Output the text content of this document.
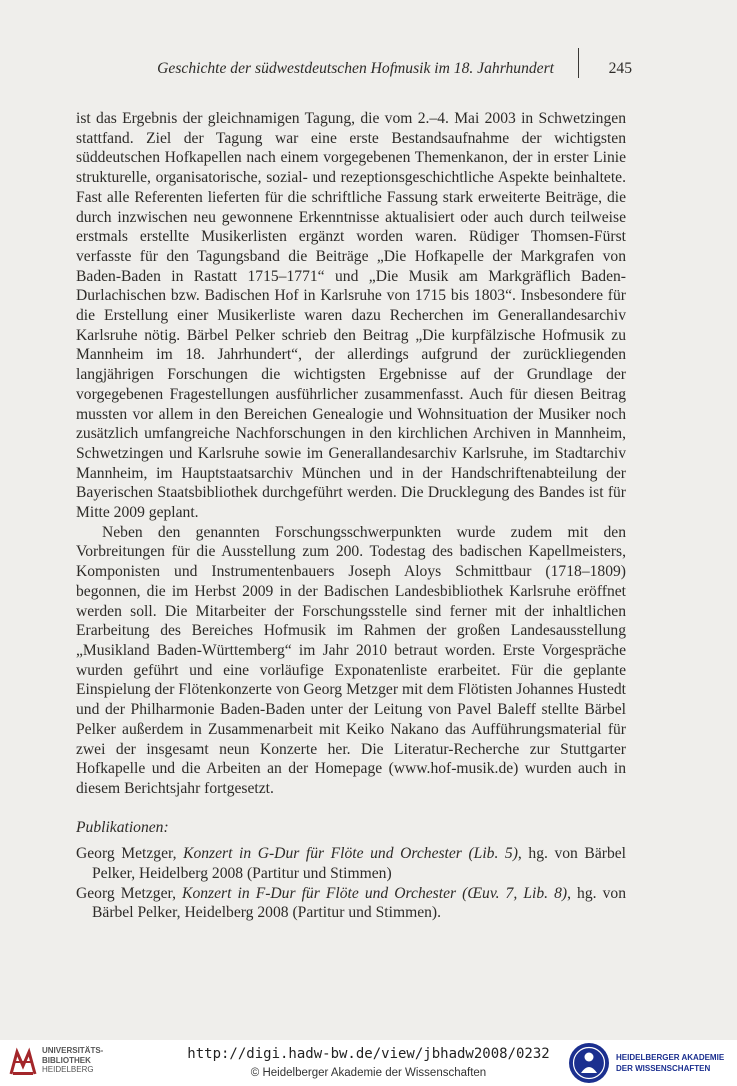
Geschichte der südwestdeutschen Hofmusik im 18. Jahrhundert	245

ist das Ergebnis der gleichnamigen Tagung, die vom 2.–4. Mai 2003 in Schwetzingen stattfand. Ziel der Tagung war eine erste Bestandsaufnahme der wichtigsten süddeutschen Hofkapellen nach einem vorgegebenen Themenkanon, der in erster Linie strukturelle, organisatorische, sozial- und rezeptionsgeschichtliche Aspekte beinhaltete. Fast alle Referenten lieferten für die schriftliche Fassung stark erweiterte Beiträge, die durch inzwischen neu gewonnene Erkenntnisse aktualisiert oder auch durch teilweise erstmals erstellte Musikerlisten ergänzt worden waren. Rüdiger Thomsen-Fürst verfasste für den Tagungsband die Beiträge „Die Hofkapelle der Markgrafen von Baden-Baden in Rastatt 1715–1771“ und „Die Musik am Markgräflich Baden-Durlachischen bzw. Badischen Hof in Karlsruhe von 1715 bis 1803“. Insbesondere für die Erstellung einer Musikerliste waren dazu Recherchen im Generallandesarchiv Karlsruhe nötig. Bärbel Pelker schrieb den Beitrag „Die kurpfälzische Hofmusik zu Mannheim im 18. Jahrhundert“, der allerdings aufgrund der zurückliegenden langjährigen Forschungen die wichtigsten Ergebnisse auf der Grundlage der vorgegebenen Fragestellungen ausführlicher zusammenfasst. Auch für diesen Beitrag mussten vor allem in den Bereichen Genealogie und Wohnsituation der Musiker noch zusätzlich umfangreiche Nachforschungen in den kirchlichen Archiven in Mannheim, Schwetzingen und Karlsruhe sowie im Generallandesarchiv Karlsruhe, im Stadtarchiv Mannheim, im Hauptstaatsarchiv München und in der Handschriftenabteilung der Bayerischen Staatsbibliothek durchgeführt werden. Die Drucklegung des Bandes ist für Mitte 2009 geplant.

Neben den genannten Forschungsschwerpunkten wurde zudem mit den Vorbreitungen für die Ausstellung zum 200. Todestag des badischen Kapellmeisters, Komponisten und Instrumentenbauers Joseph Aloys Schmittbaur (1718–1809) begonnen, die im Herbst 2009 in der Badischen Landesbibliothek Karlsruhe eröffnet werden soll. Die Mitarbeiter der Forschungsstelle sind ferner mit der inhaltlichen Erarbeitung des Bereiches Hofmusik im Rahmen der großen Landesausstellung „Musikland Baden-Württemberg“ im Jahr 2010 betraut worden. Erste Vorgespräche wurden geführt und eine vorläufige Exponatenliste erarbeitet. Für die geplante Einspielung der Flötenkonzerte von Georg Metzger mit dem Flötisten Johannes Hustedt und der Philharmonie Baden-Baden unter der Leitung von Pavel Baleff stellte Bärbel Pelker außerdem in Zusammenarbeit mit Keiko Nakano das Aufführungsmaterial für zwei der insgesamt neun Konzerte her. Die Literatur-Recherche zur Stuttgarter Hofkapelle und die Arbeiten an der Homepage (www.hof-musik.de) wurden auch in diesem Berichtsjahr fortgesetzt.

Publikationen:

Georg Metzger, Konzert in G-Dur für Flöte und Orchester (Lib. 5), hg. von Bärbel Pelker, Heidelberg 2008 (Partitur und Stimmen)

Georg Metzger, Konzert in F-Dur für Flöte und Orchester (Œuv. 7, Lib. 8), hg. von Bärbel Pelker, Heidelberg 2008 (Partitur und Stimmen).

UNIVERSITÄTS-
BIBLIOTHEK
HEIDELBERG
http://digi.hadw-bw.de/view/jbhadw2008/0232
© Heidelberger Akademie der Wissenschaften
HEIDELBERGER AKADEMIE
DER WISSENSCHAFTEN
